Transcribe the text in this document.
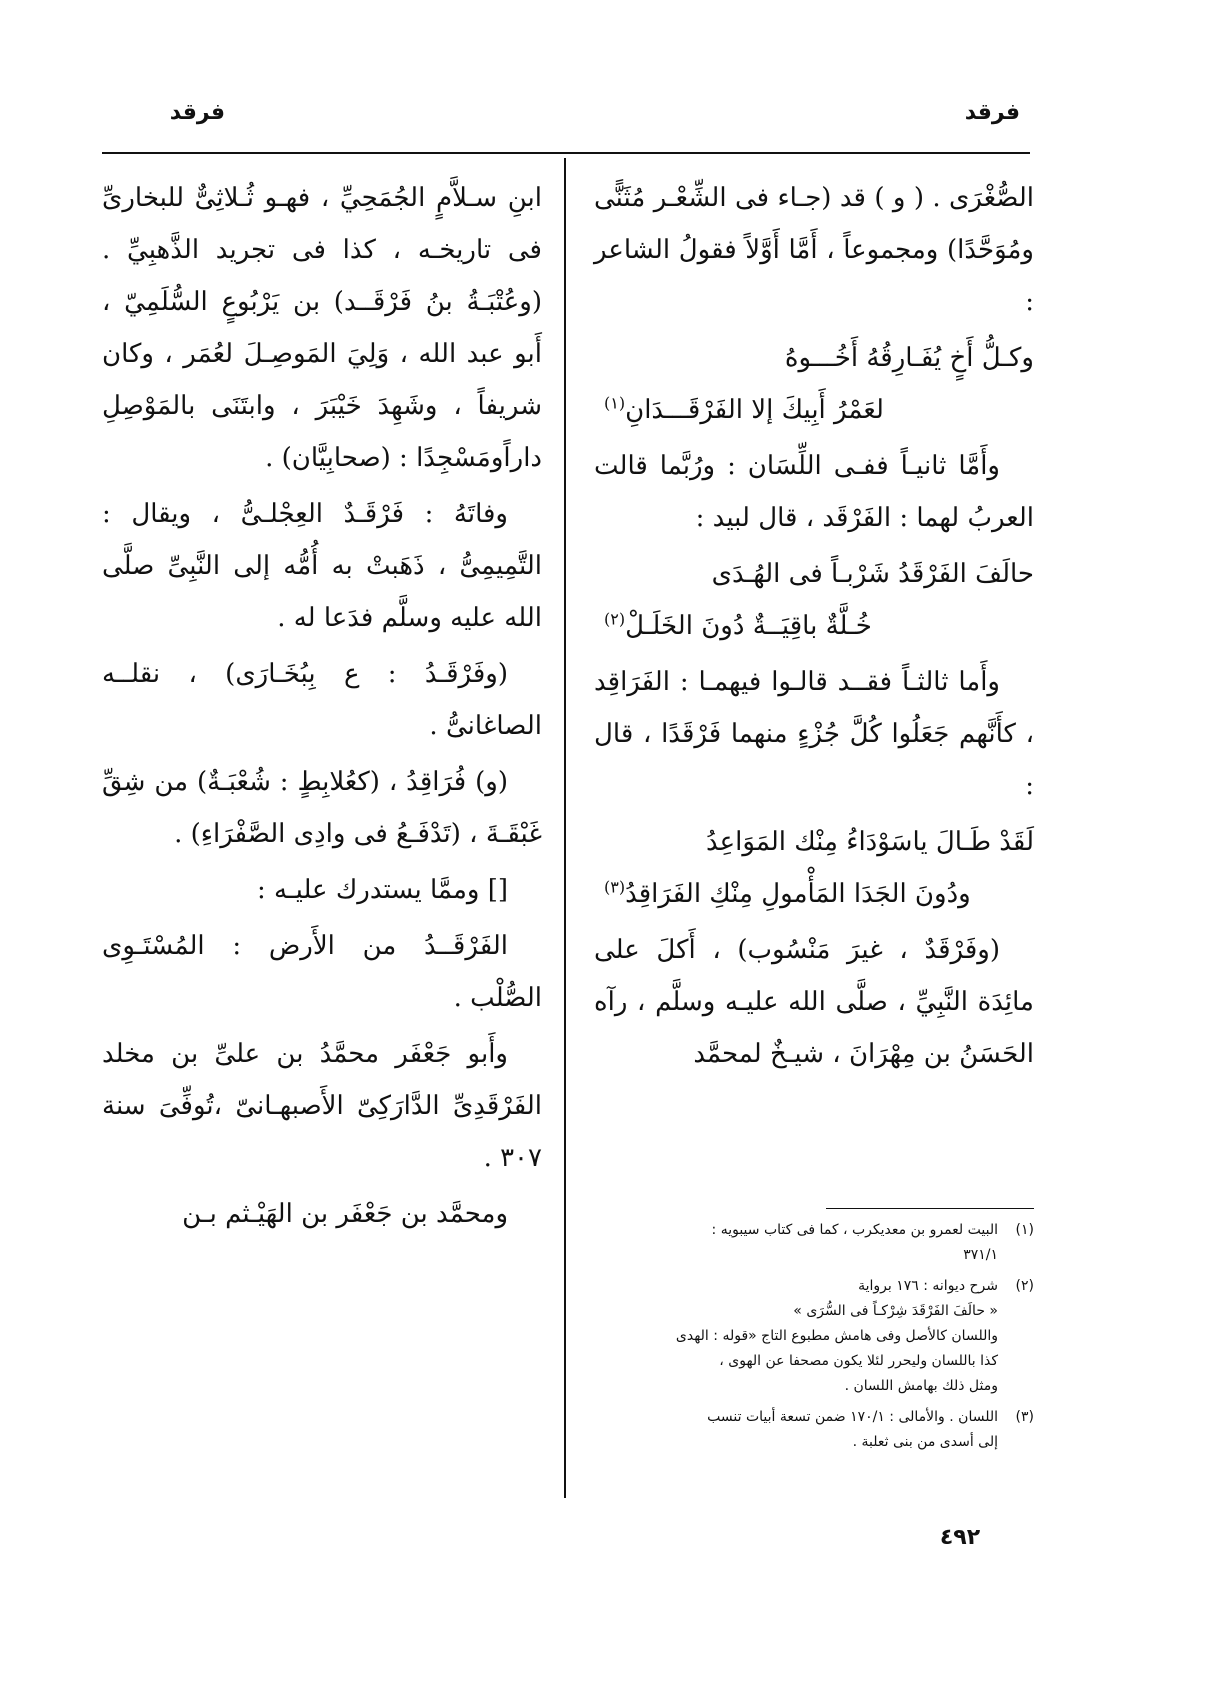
فرقد
فرقد

الصُّغْرَى . ( و ) قد (جـاء فى الشِّعْـر مُثَنًّى ومُوَحَّدًا) ومجموعاً ، أَمَّا أَوَّلاً فقولُ الشاعر :

وكـلُّ أَخٍ يُفَـارِقُهُ أَخُـــوهُ
لعَمْرُ أَبِيكَ إلا الفَرْقَـــدَانِ$^{(١)}$

وأَمَّا ثانيـاً ففـى اللِّسَان : ورُبَّما قالت العربُ لهما : الفَرْقَد ، قال لبيد :

حالَفَ الفَرْقَدُ شَرْبـاً فى الهُـدَى
خُـلَّةٌ باقِيَــةٌ دُونَ الخَلَـلْ$^{(٢)}$

وأَما ثالثـاً فقــد قالـوا فيهمـا : الفَرَاقِد ، كأَنَّهم جَعَلُوا كُلَّ جُزْءٍ منهما فَرْقَدًا ، قال :

لَقَدْ طَـالَ ياسَوْدَاءُ مِنْك المَوَاعِدُ
ودُونَ الجَدَا المَأْمولِ مِنْكِ الفَرَاقِدُ$^{(٣)}$

(وفَرْقَدٌ ، غيرَ مَنْسُوب) ، أَكلَ على مائِدَة النَّبِيِّ ، صلَّى الله عليـه وسلَّم ، رآه الحَسَنُ بن مِهْرَانَ ، شيـخٌ لمحمَّد

ابنِ سـلاَّمٍ الجُمَحِيِّ ، فهـو ثُـلاثِىٌّ للبخارىِّ فى تاريخـه ، كذا فى تجريد الذَّهبِيِّ . (وعُتْبَـةُ بنُ فَرْقَــد) بن يَرْبُوعٍ السُّلَمِيّ ، أَبو عبد الله ، وَلِيَ المَوصِـلَ لعُمَر ، وكان شريفاً ، وشَهِدَ خَيْبَرَ ، وابتَنَى بالمَوْصِلِ داراًومَسْجِدًا : (صحابِيَّان) .

وفاتَهُ : فَرْقَـدٌ العِجْلـىُّ ، ويقال : التَّمِيمِىُّ ، ذَهَبتْ به أُمُّه إلى النَّبِىِّ صلَّى الله عليه وسلَّم فدَعا له .

(وفَرْقَـدُ : ع بِبُخَـارَى) ، نقلــه الصاغانىُّ .

(و) فُرَاقِدُ ، (كعُلابِطٍ : شُعْبَـةٌ) من شِقِّ غَبْقَـةَ ، (تَدْفَـعُ فى وادِى الصَّفْرَاءِ) .

[] وممَّا يستدرك عليـه :

الفَرْقَــدُ من الأَرض : المُسْتَـوِى الصُّلْب .

وأَبو جَعْفَر محمَّدُ بن علىِّ بن مخلد الفَرْقَدِىِّ الدَّارَكِىّ الأَصبهـانىّ ،تُوفِّىَ سنة ٣٠٧ .

ومحمَّد بن جَعْفَر بن الهَيْـثم بـن

(١)
البيت لعمرو بن معديكرب ، كما فى كتاب سيبويه :
٣٧١/١
(٢)
شرح ديوانه : ١٧٦ برواية
« حالَفَ الفَرْقَدَ شِرْكـاً فى السُّرَى »
واللسان كالأصل وفى هامش مطبوع التاج «قوله : الهدى
كذا باللسان وليحرر لئلا يكون مصحفا عن الهوى ،
ومثل ذلك بهامش اللسان .
(٣)
اللسان . والأمالى : ١٧٠/١ ضمن تسعة أبيات تنسب
إلى أسدى من بنى ثعلبة .
٤٩٢
